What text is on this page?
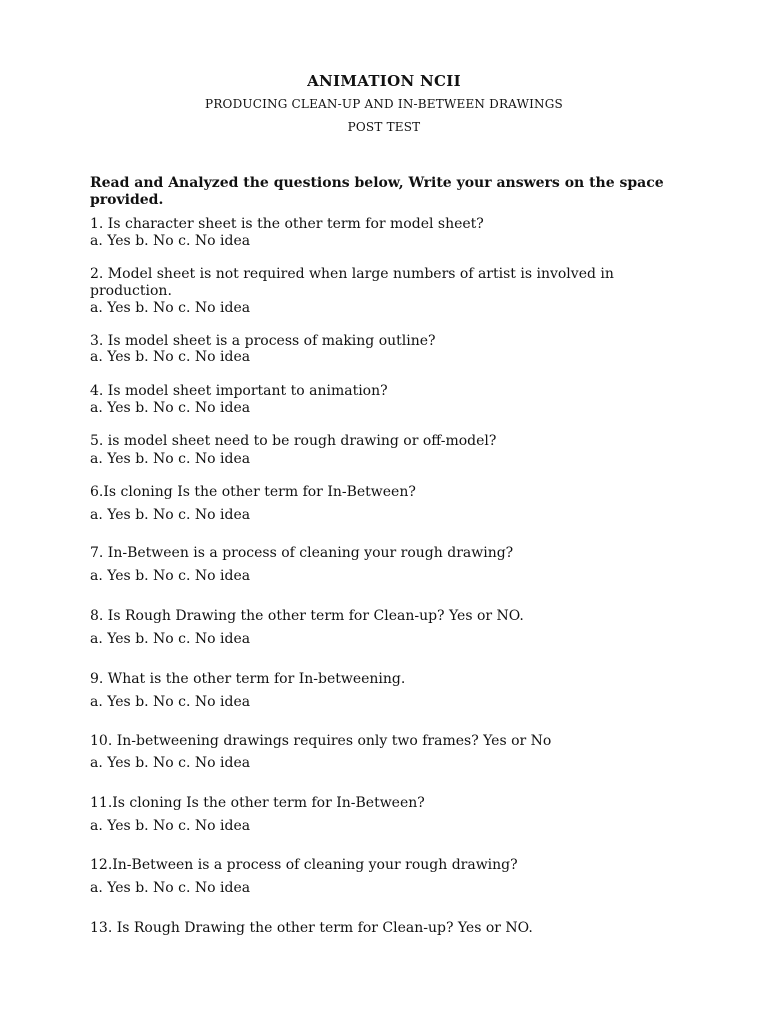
ANIMATION NCII
PRODUCING CLEAN-UP AND IN-BETWEEN DRAWINGS
POST TEST
Read and Analyzed the questions below, Write your answers on the space provided.
1. Is character sheet is the other term for model sheet?
a. Yes b. No c. No idea
2. Model sheet is not required when large numbers of artist is involved in production.
a. Yes b. No c. No idea
3. Is model sheet is a process of making outline?
a. Yes b. No c. No idea
4. Is model sheet important to animation?
a. Yes b. No c. No idea
5. is model sheet need to be rough drawing or off-model?
a. Yes b. No c. No idea
6.Is cloning Is the other term for In-Between?
a. Yes b. No c. No idea
7. In-Between is a process of cleaning your rough drawing?
a. Yes b. No c. No idea
8. Is Rough Drawing the other term for Clean-up? Yes or NO.
a. Yes b. No c. No idea
9. What is the other term for In-betweening.
a. Yes b. No c. No idea
10. In-betweening drawings requires only two frames? Yes or No
a. Yes b. No c. No idea
11.Is cloning Is the other term for In-Between?
a. Yes b. No c. No idea
12.In-Between is a process of cleaning your rough drawing?
a. Yes b. No c. No idea
13. Is Rough Drawing the other term for Clean-up? Yes or NO.
